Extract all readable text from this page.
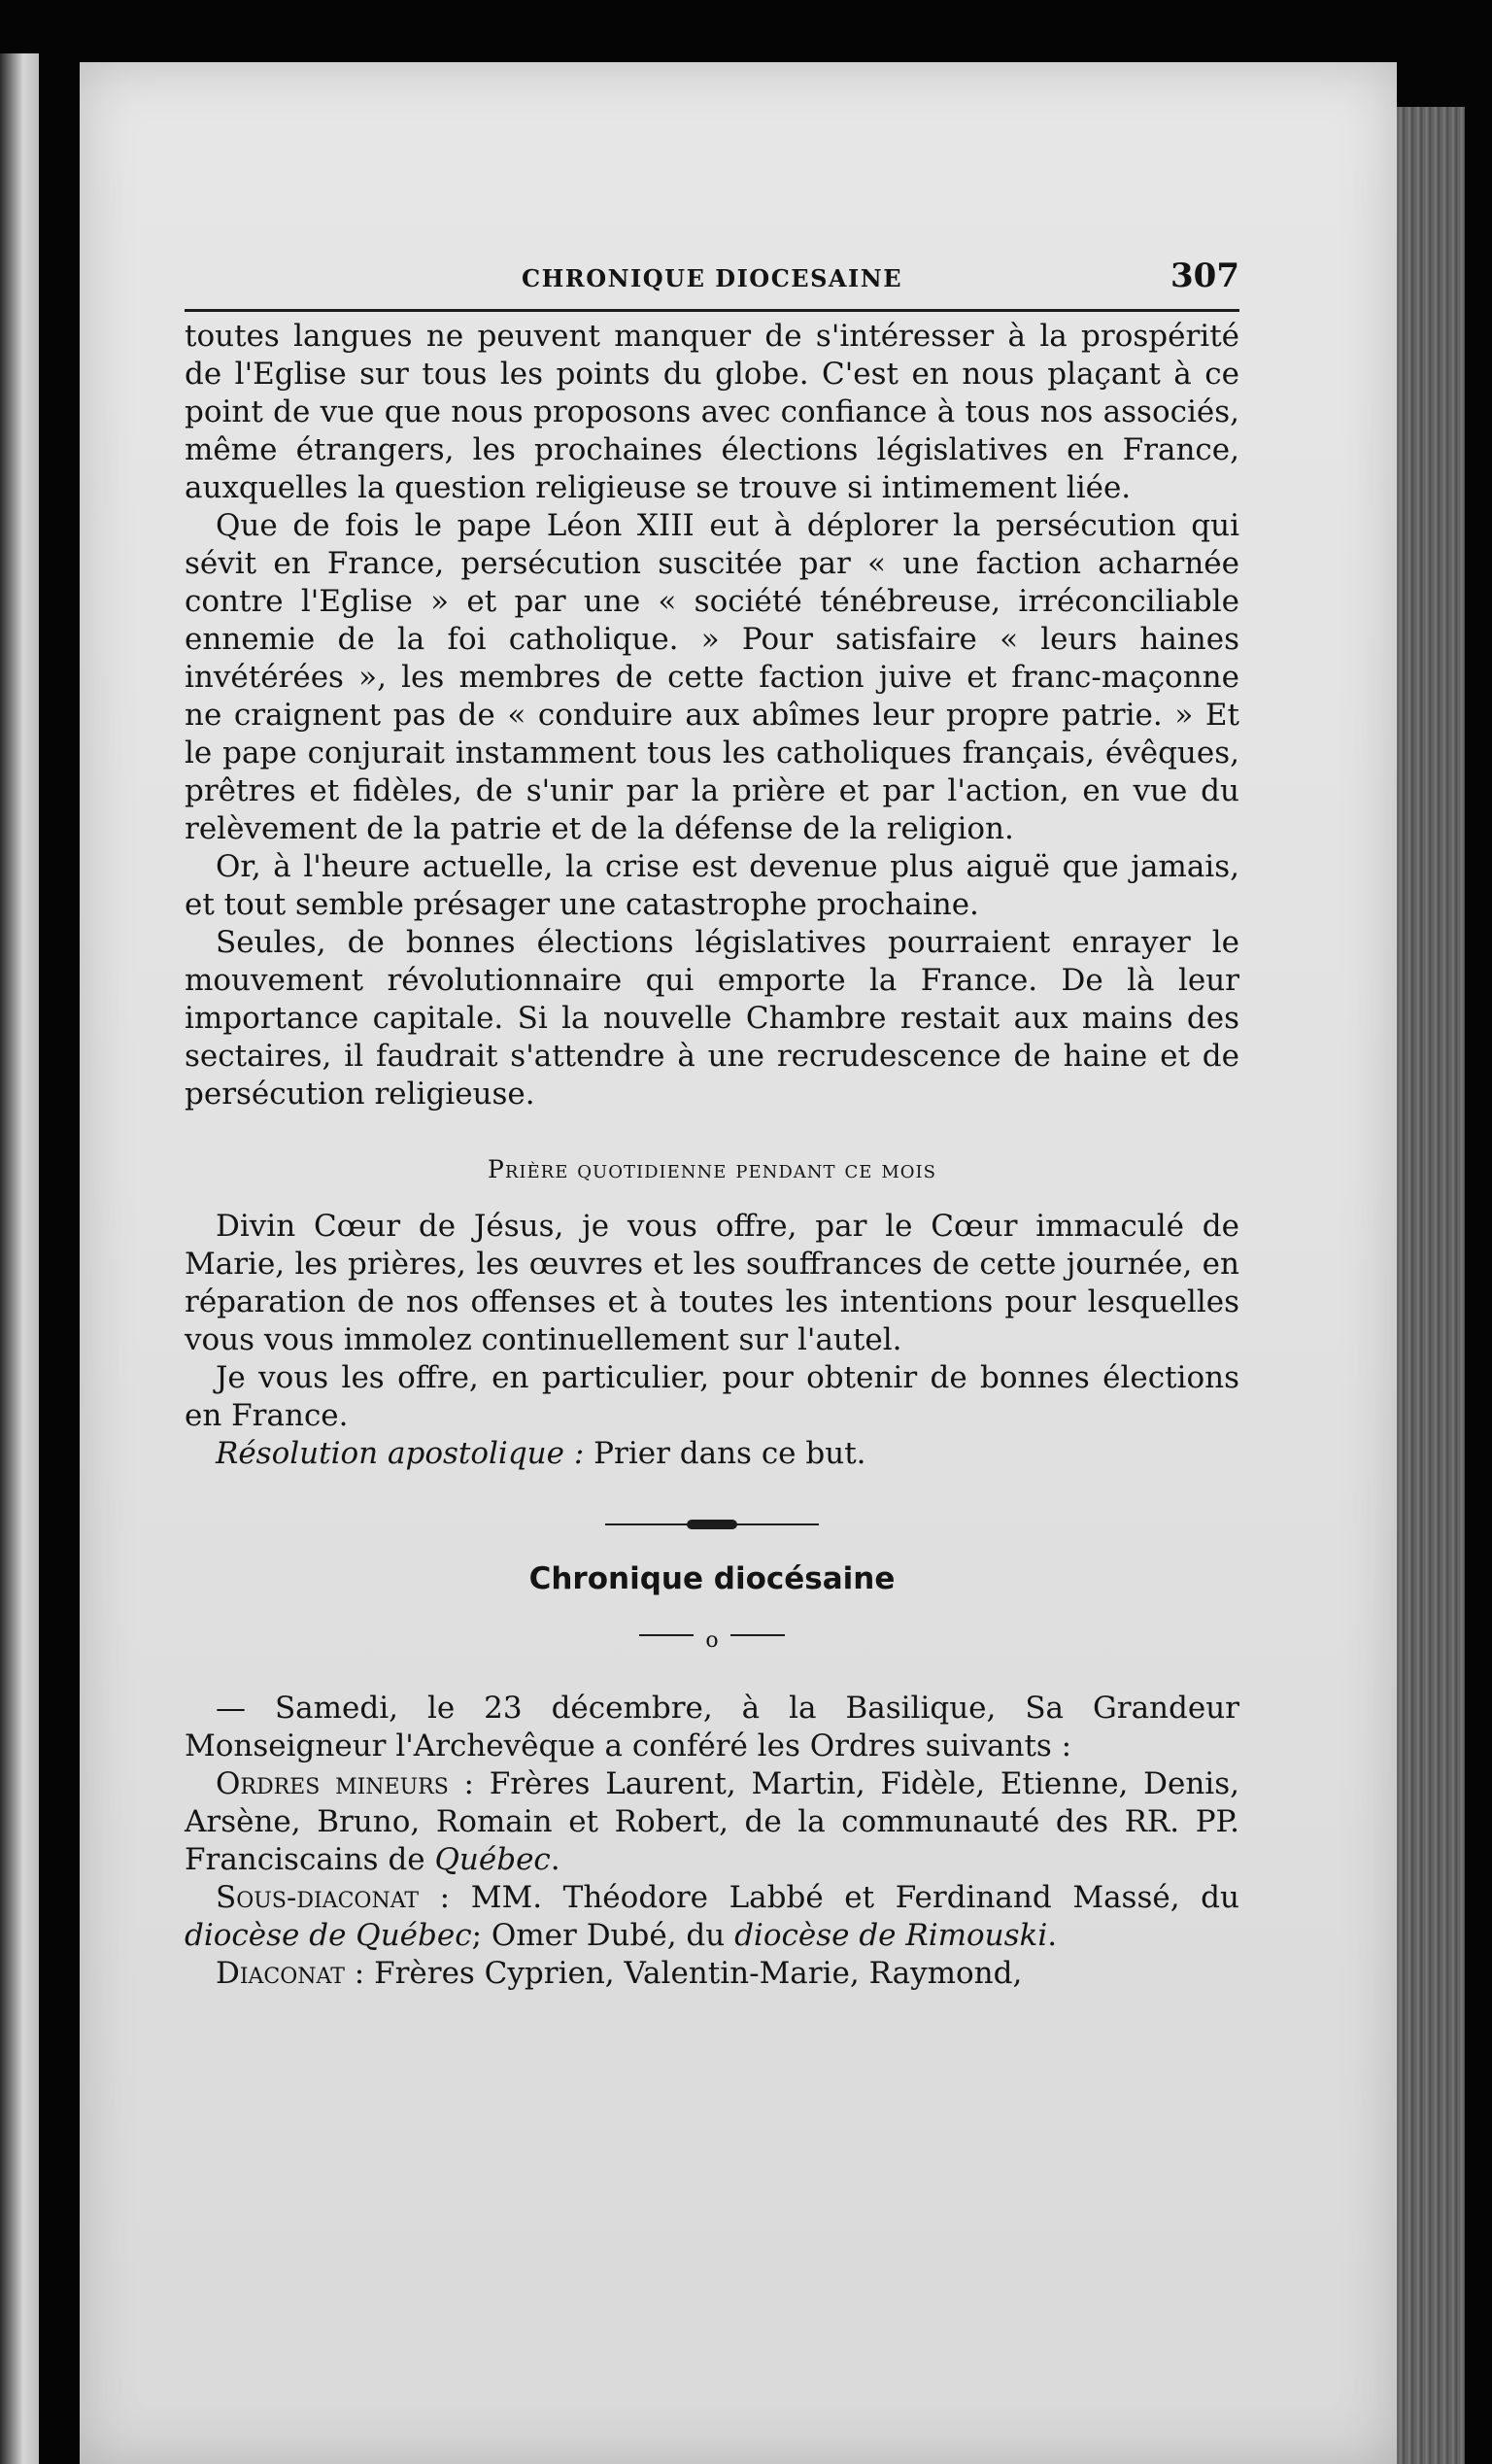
CHRONIQUE DIOCESAINE	307

toutes langues ne peuvent manquer de s'intéresser à la prospérité de l'Eglise sur tous les points du globe. C'est en nous plaçant à ce point de vue que nous proposons avec confiance à tous nos associés, même étrangers, les prochaines élections législatives en France, auxquelles la question religieuse se trouve si intimement liée.

Que de fois le pape Léon XIII eut à déplorer la persécution qui sévit en France, persécution suscitée par « une faction acharnée contre l'Eglise » et par une « société ténébreuse, irréconciliable ennemie de la foi catholique. » Pour satisfaire « leurs haines invétérées », les membres de cette faction juive et franc-maçonne ne craignent pas de « conduire aux abîmes leur propre patrie. » Et le pape conjurait instamment tous les catholiques français, évêques, prêtres et fidèles, de s'unir par la prière et par l'action, en vue du relèvement de la patrie et de la défense de la religion.

Or, à l'heure actuelle, la crise est devenue plus aiguë que jamais, et tout semble présager une catastrophe prochaine.

Seules, de bonnes élections législatives pourraient enrayer le mouvement révolutionnaire qui emporte la France. De là leur importance capitale. Si la nouvelle Chambre restait aux mains des sectaires, il faudrait s'attendre à une recrudescence de haine et de persécution religieuse.

Prière quotidienne pendant ce mois

Divin Cœur de Jésus, je vous offre, par le Cœur immaculé de Marie, les prières, les œuvres et les souffrances de cette journée, en réparation de nos offenses et à toutes les intentions pour lesquelles vous vous immolez continuellement sur l'autel.

Je vous les offre, en particulier, pour obtenir de bonnes élections en France.

Résolution apostolique : Prier dans ce but.

Chronique diocésaine
o

— Samedi, le 23 décembre, à la Basilique, Sa Grandeur Monseigneur l'Archevêque a conféré les Ordres suivants :

Ordres mineurs : Frères Laurent, Martin, Fidèle, Etienne, Denis, Arsène, Bruno, Romain et Robert, de la communauté des RR. PP. Franciscains de Québec.

Sous-diaconat : MM. Théodore Labbé et Ferdinand Massé, du diocèse de Québec; Omer Dubé, du diocèse de Rimouski.

Diaconat : Frères Cyprien, Valentin-Marie, Raymond,
